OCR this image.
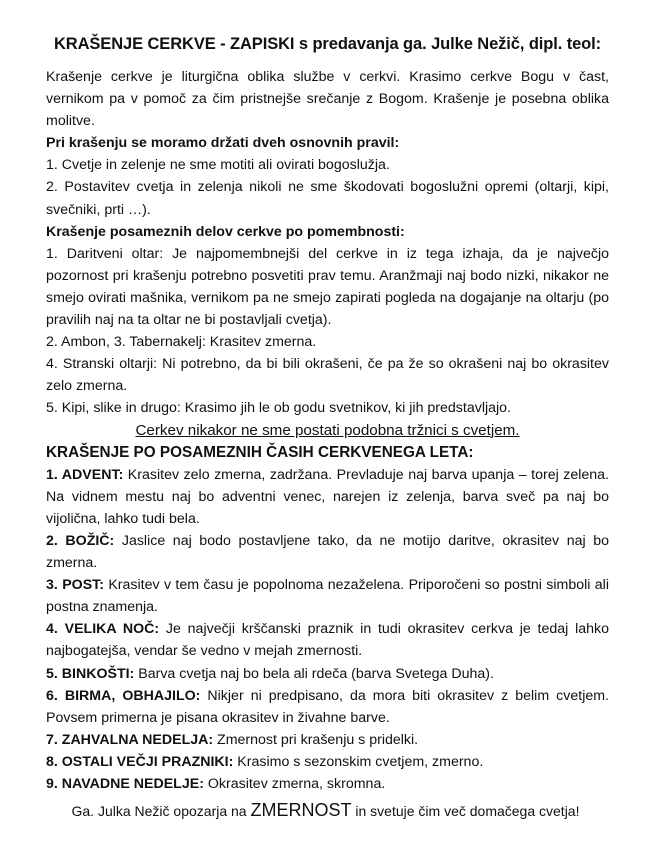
KRAŠENJE CERKVE - ZAPISKI s predavanja ga. Julke Nežič, dipl. teol:

Krašenje cerkve je liturgična oblika službe v cerkvi. Krasimo cerkve Bogu v čast, vernikom pa v pomoč za čim pristnejše srečanje z Bogom. Krašenje je posebna oblika molitve.

Pri krašenju se moramo držati dveh osnovnih pravil:

1. Cvetje in zelenje ne sme motiti ali ovirati bogoslužja.

2. Postavitev cvetja in zelenja nikoli ne sme škodovati bogoslužni opremi (oltarji, kipi, svečniki, prti …).

Krašenje posameznih delov cerkve po pomembnosti:

1. Daritveni oltar: Je najpomembnejši del cerkve in iz tega izhaja, da je največjo pozornost pri krašenju potrebno posvetiti prav temu. Aranžmaji naj bodo nizki, nikakor ne smejo ovirati mašnika, vernikom pa ne smejo zapirati pogleda na dogajanje na oltarju (po pravilih naj na ta oltar ne bi postavljali cvetja).

2. Ambon, 3. Tabernakelj: Krasitev zmerna.

4. Stranski oltarji: Ni potrebno, da bi bili okrašeni, če pa že so okrašeni naj bo okrasitev zelo zmerna.

5. Kipi, slike in drugo: Krasimo jih le ob godu svetnikov, ki jih predstavljajo.

Cerkev nikakor ne sme postati podobna tržnici s cvetjem.

KRAŠENJE PO POSAMEZNIH ČASIH CERKVENEGA LETA:

1. ADVENT: Krasitev zelo zmerna, zadržana. Prevladuje naj barva upanja – torej zelena. Na vidnem mestu naj bo adventni venec, narejen iz zelenja, barva sveč pa naj bo vijolična, lahko tudi bela.

2. BOŽIČ: Jaslice naj bodo postavljene tako, da ne motijo daritve, okrasitev naj bo zmerna.

3. POST: Krasitev v tem času je popolnoma nezaželena. Priporočeni so postni simboli ali postna znamenja.

4. VELIKA NOČ: Je največji krščanski praznik in tudi okrasitev cerkva je tedaj lahko najbogatejša, vendar še vedno v mejah zmernosti.

5. BINKOŠTI: Barva cvetja naj bo bela ali rdeča (barva Svetega Duha).

6. BIRMA, OBHAJILO: Nikjer ni predpisano, da mora biti okrasitev z belim cvetjem. Povsem primerna je pisana okrasitev in živahne barve.

7. ZAHVALNA NEDELJA: Zmernost pri krašenju s pridelki.

8. OSTALI VEČJI PRAZNIKI: Krasimo s sezonskim cvetjem, zmerno.

9. NAVADNE NEDELJE: Okrasitev zmerna, skromna.

Ga. Julka Nežič opozarja na ZMERNOST in svetuje čim več domačega cvetja!
